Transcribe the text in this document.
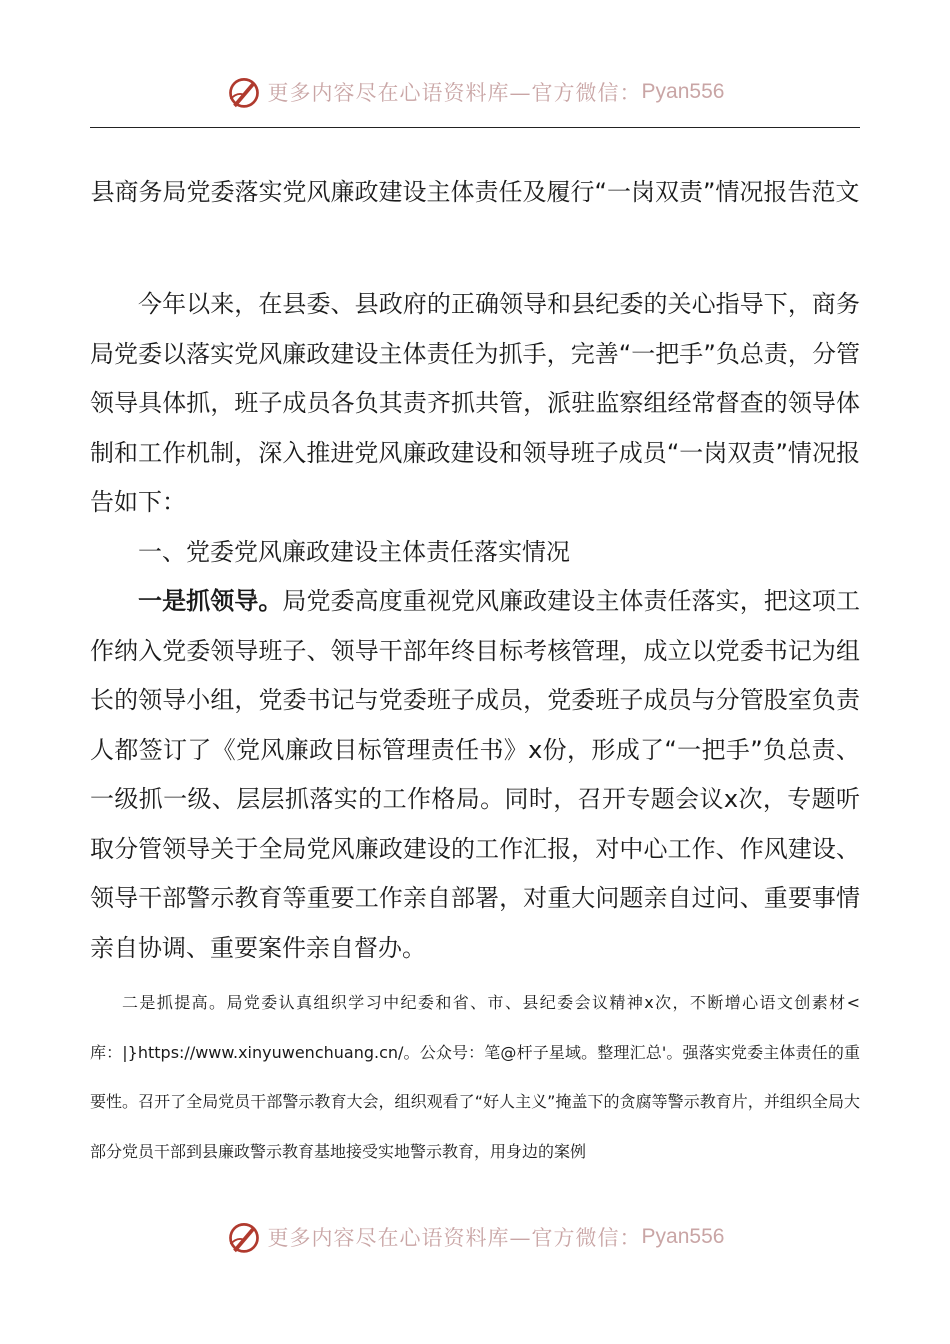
更多内容尽在心语资料库—官方微信： Pyan556
县商务局党委落实党风廉政建设主体责任及履行“一岗双责”情况报告范文

今年以来，在县委、县政府的正确领导和县纪委的关心指导下，商务局党委以落实党风廉政建设主体责任为抓手，完善“一把手”负总责，分管领导具体抓，班子成员各负其责齐抓共管，派驻监察组经常督查的领导体制和工作机制，深入推进党风廉政建设和领导班子成员“一岗双责”情况报告如下：

一、党委党风廉政建设主体责任落实情况

一是抓领导。局党委高度重视党风廉政建设主体责任落实，把这项工作纳入党委领导班子、领导干部年终目标考核管理，成立以党委书记为组长的领导小组，党委书记与党委班子成员，党委班子成员与分管股室负责人都签订了《党风廉政目标管理责任书》x份，形成了“一把手”负总责、一级抓一级、层层抓落实的工作格局。同时，召开专题会议x次，专题听取分管领导关于全局党风廉政建设的工作汇报，对中心工作、作风建设、领导干部警示教育等重要工作亲自部署，对重大问题亲自过问、重要事情亲自协调、重要案件亲自督办。

二是抓提高。局党委认真组织学习中纪委和省、市、县纪委会议精神x次，不断增心语文创素材<库：|}https://www.xinyuwenchuang.cn/。公众号：笔@杆子星域。整理汇总'。强落实党委主体责任的重要性。召开了全局党员干部警示教育大会，组织观看了“好人主义”掩盖下的贪腐等警示教育片，并组织全局大部分党员干部到县廉政警示教育基地接受实地警示教育，用身边的案例

更多内容尽在心语资料库—官方微信： Pyan556
